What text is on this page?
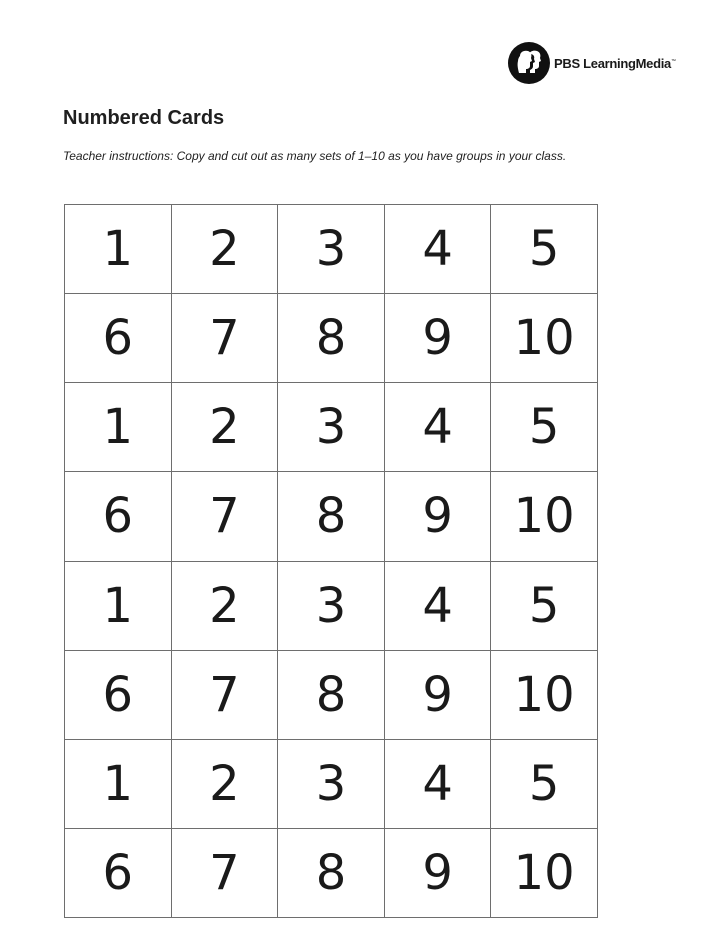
PBS LearningMedia™
Numbered Cards

Teacher instructions: Copy and cut out as many sets of 1–10 as you have groups in your class.

1	2	3	4	5
6	7	8	9	10
1	2	3	4	5
6	7	8	9	10
1	2	3	4	5
6	7	8	9	10
1	2	3	4	5
6	7	8	9	10
